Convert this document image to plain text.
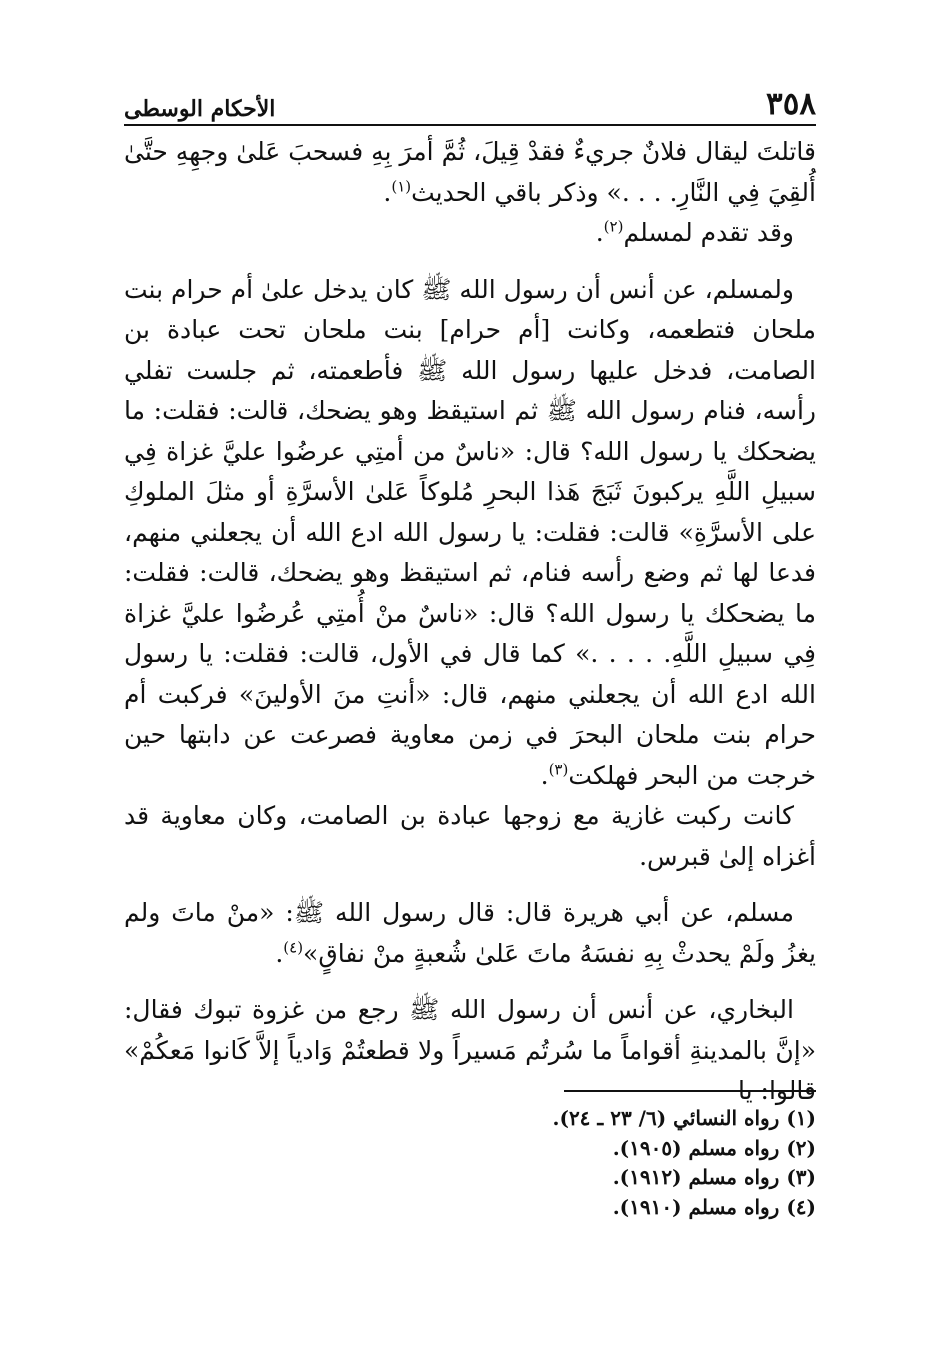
٣٥٨
الأحكام الوسطى

قاتلتَ ليقال فلانٌ جريءٌ فقدْ قِيلَ، ثُمَّ أمرَ بِهِ فسحبَ عَلىٰ وجهِهِ حتَّىٰ أُلقِيَ فِي النَّارِ. . . .» وذكر باقي الحديث$^{(١)}$.

وقد تقدم لمسلم$^{(٢)}$.

ولمسلم، عن أنس أن رسول الله ﷺ كان يدخل علىٰ أم حرام بنت ملحان فتطعمه، وكانت [أم حرام] بنت ملحان تحت عبادة بن الصامت، فدخل عليها رسول الله ﷺ فأطعمته، ثم جلست تفلي رأسه، فنام رسول الله ﷺ ثم استيقظ وهو يضحك، قالت: فقلت: ما يضحكك يا رسول الله؟ قال: «ناسٌ من أمتِي عرضُوا عليَّ غزاة فِي سبيلِ اللَّهِ يركبونَ ثَبَجَ هَذا البحرِ مُلوكاً عَلىٰ الأسرَّةِ أو مثلَ الملوكِ على الأسرَّةِ» قالت: فقلت: يا رسول الله ادع الله أن يجعلني منهم، فدعا لها ثم وضع رأسه فنام، ثم استيقظ وهو يضحك، قالت: فقلت: ما يضحكك يا رسول الله؟ قال: «ناسٌ منْ أُمتِي عُرضُوا عليَّ غزاة فِي سبيلِ اللَّهِ. . . . .» كما قال في الأول، قالت: فقلت: يا رسول الله ادع الله أن يجعلني منهم، قال: «أنتِ منَ الأولينَ» فركبت أم حرام بنت ملحان البحرَ في زمن معاوية فصرعت عن دابتها حين خرجت من البحر فهلكت$^{(٣)}$.

كانت ركبت غازية مع زوجها عبادة بن الصامت، وكان معاوية قد أغزاه إلىٰ قبرس.

مسلم، عن أبي هريرة قال: قال رسول الله ﷺ: «منْ ماتَ ولم يغزُ ولَمْ يحدثْ بِهِ نفسَهُ ماتَ عَلىٰ شُعبةٍ منْ نفاقٍ»$^{(٤)}$.

البخاري، عن أنس أن رسول الله ﷺ رجع من غزوة تبوك فقال: «إنَّ بالمدينةِ أقواماً ما سُرتُم مَسيراً ولا قطعتُمْ وَادياً إلاَّ كَانوا مَعكُمْ» قالوا: يا

(١) رواه النسائي (٦/ ٢٣ ـ ٢٤).

(٢) رواه مسلم (١٩٠٥).

(٣) رواه مسلم (١٩١٢).

(٤) رواه مسلم (١٩١٠).
